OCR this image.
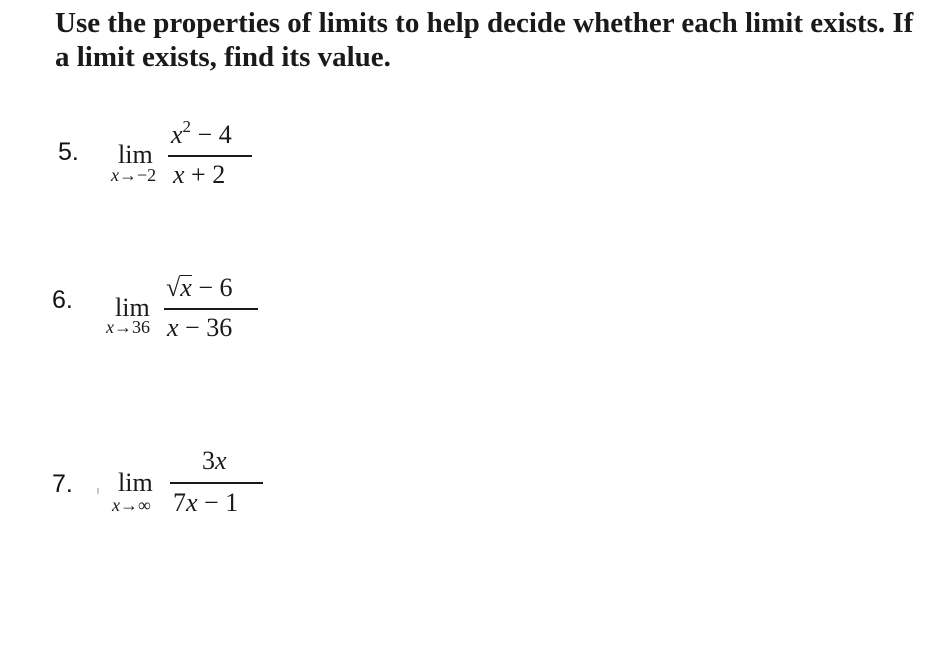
Use the properties of limits to help decide whether each limit exists. If a limit exists, find its value.
5. lim
x→−2
$x^2 - 4$
x + 2
6. lim
x→36
√x − 6
x − 36
7. lim
x→∞
3x
7x − 1
